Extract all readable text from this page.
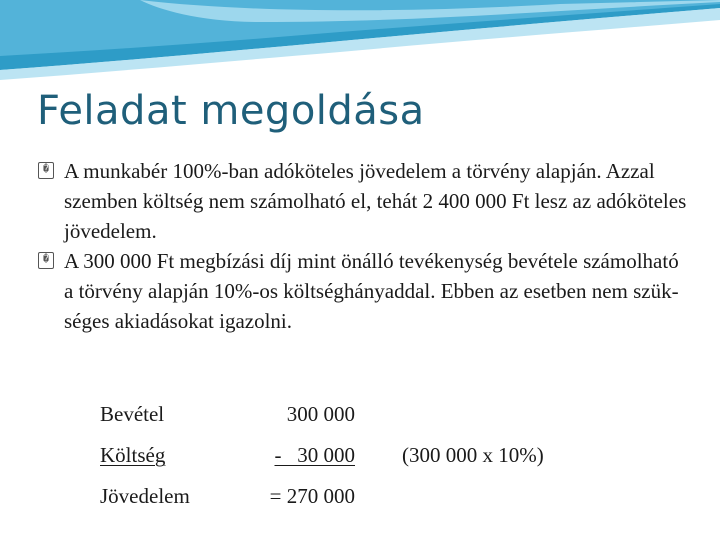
Feladat megoldása
� A munkabér 100%-ban adóköteles jövedelem a törvény alapján. Azzal szemben költség nem számolható el, tehát 2 400 000 Ft lesz az adóköteles jövedelem.
� A 300 000 Ft megbízási díj mint önálló tevékenység bevétele számolható a törvény alapján 10%-os költséghányaddal. Ebben az esetben nem szük-séges akiadásokat igazolni.
Bevétel	300 000
Költség	-   30 000 (300 000 x 10%)
Jövedelem	= 270 000
